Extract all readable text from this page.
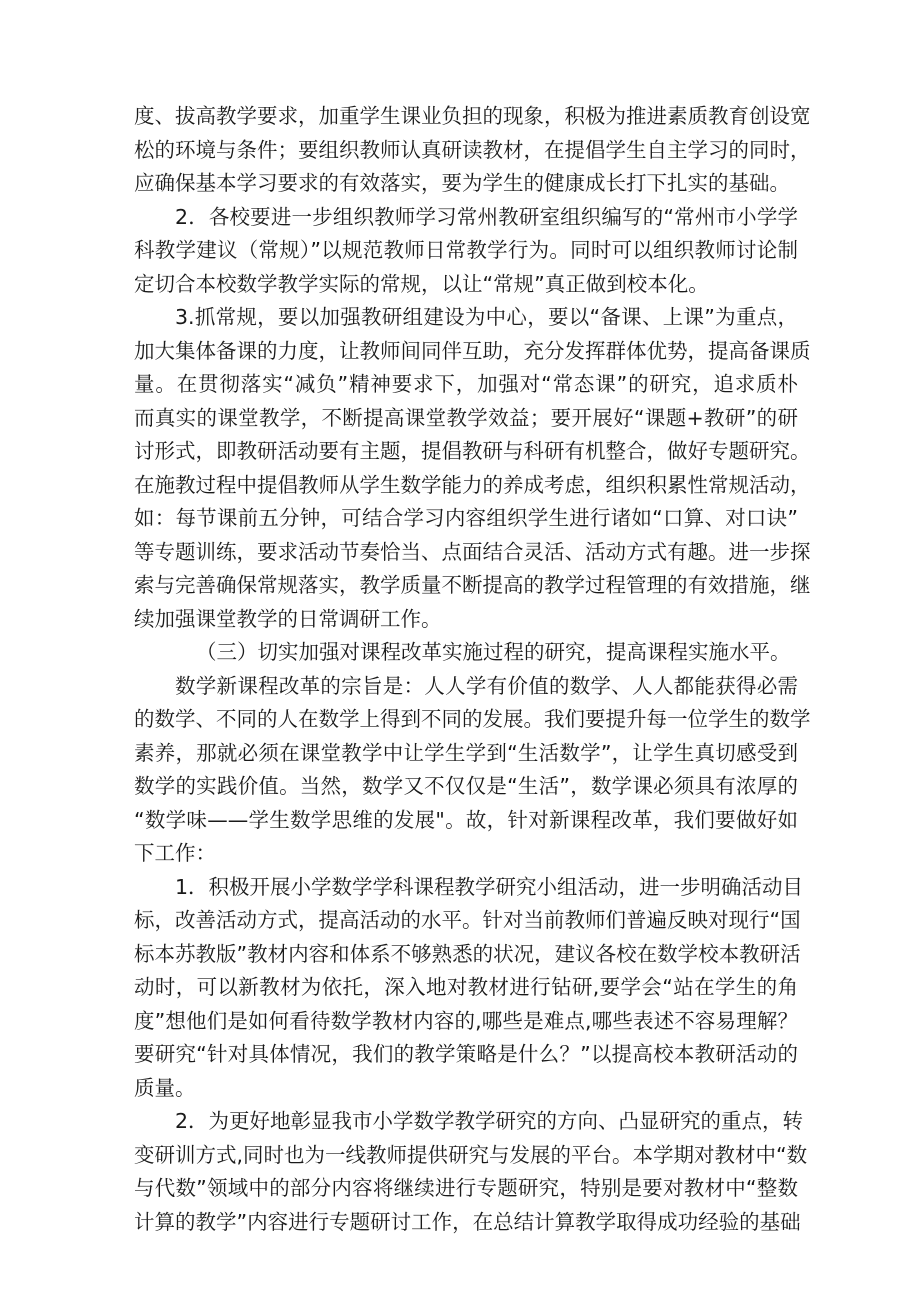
度、拔高教学要求，加重学生课业负担的现象，积极为推进素质教育创设宽
松的环境与条件；要组织教师认真研读教材，在提倡学生自主学习的同时，
应确保基本学习要求的有效落实，要为学生的健康成长打下扎实的基础。
2．各校要进一步组织教师学习常州教研室组织编写的“常州市小学学
科教学建议（常规）”以规范教师日常教学行为。同时可以组织教师讨论制
定切合本校数学教学实际的常规，以让“常规”真正做到校本化。
3.抓常规，要以加强教研组建设为中心，要以“备课、上课”为重点，
加大集体备课的力度，让教师间同伴互助，充分发挥群体优势，提高备课质
量。在贯彻落实“减负”精神要求下，加强对“常态课”的研究，追求质朴
而真实的课堂教学，不断提高课堂教学效益；要开展好“课题+教研”的研
讨形式，即教研活动要有主题，提倡教研与科研有机整合，做好专题研究。
在施教过程中提倡教师从学生数学能力的养成考虑，组织积累性常规活动，
如：每节课前五分钟，可结合学习内容组织学生进行诸如“口算、对口诀”
等专题训练，要求活动节奏恰当、点面结合灵活、活动方式有趣。进一步探
索与完善确保常规落实，教学质量不断提高的教学过程管理的有效措施，继
续加强课堂教学的日常调研工作。
（三）切实加强对课程改革实施过程的研究，提高课程实施水平。
数学新课程改革的宗旨是：人人学有价值的数学、人人都能获得必需
的数学、不同的人在数学上得到不同的发展。我们要提升每一位学生的数学
素养，那就必须在课堂教学中让学生学到“生活数学”，让学生真切感受到
数学的实践价值。当然，数学又不仅仅是“生活”，数学课必须具有浓厚的
“数学味——学生数学思维的发展"。故，针对新课程改革，我们要做好如
下工作：
1．积极开展小学数学学科课程教学研究小组活动，进一步明确活动目
标，改善活动方式，提高活动的水平。针对当前教师们普遍反映对现行“国
标本苏教版”教材内容和体系不够熟悉的状况，建议各校在数学校本教研活
动时，可以新教材为依托，深入地对教材进行钻研,要学会“站在学生的角
度”想他们是如何看待数学教材内容的,哪些是难点,哪些表述不容易理解？
要研究“针对具体情况，我们的教学策略是什么？”以提高校本教研活动的
质量。
2．为更好地彰显我市小学数学教学研究的方向、凸显研究的重点，转
变研训方式,同时也为一线教师提供研究与发展的平台。本学期对教材中“数
与代数”领域中的部分内容将继续进行专题研究，特别是要对教材中“整数
计算的教学”内容进行专题研讨工作，在总结计算教学取得成功经验的基础
